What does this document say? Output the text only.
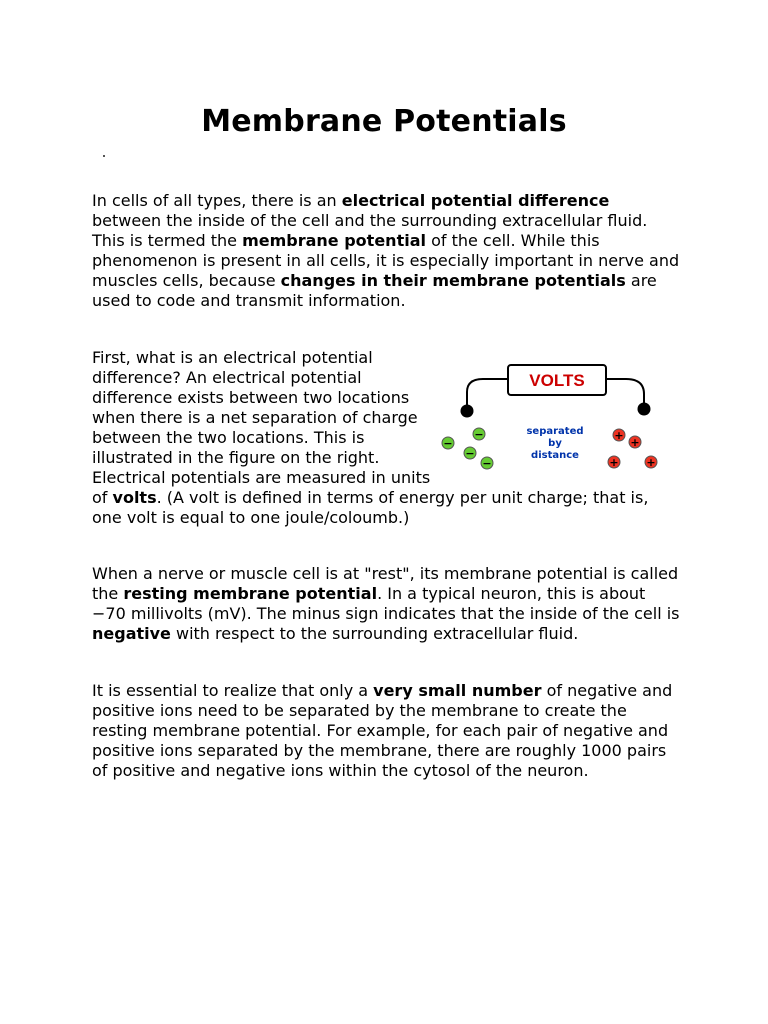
Membrane Potentials

In cells of all types, there is an electrical potential difference between the inside of the cell and the surrounding extracellular fluid. This is termed the membrane potential of the cell. While this phenomenon is present in all cells, it is especially important in nerve and muscles cells, because changes in their membrane potentials are used to code and transmit information.

VOLTS
separated
by
distance
−
−
−
−
+
+
+	+
First, what is an electrical potential difference? An electrical potential difference exists between two locations when there is a net separation of charge between the two locations. This is illustrated in the figure on the right. Electrical potentials are measured in units of volts. (A volt is defined in terms of energy per unit charge; that is, one volt is equal to one joule/coloumb.)

When a nerve or muscle cell is at "rest", its membrane potential is called the resting membrane potential. In a typical neuron, this is about −70 millivolts (mV). The minus sign indicates that the inside of the cell is negative with respect to the surrounding extracellular fluid.

It is essential to realize that only a very small number of negative and positive ions need to be separated by the membrane to create the resting membrane potential. For example, for each pair of negative and positive ions separated by the membrane, there are roughly 1000 pairs of positive and negative ions within the cytosol of the neuron.
